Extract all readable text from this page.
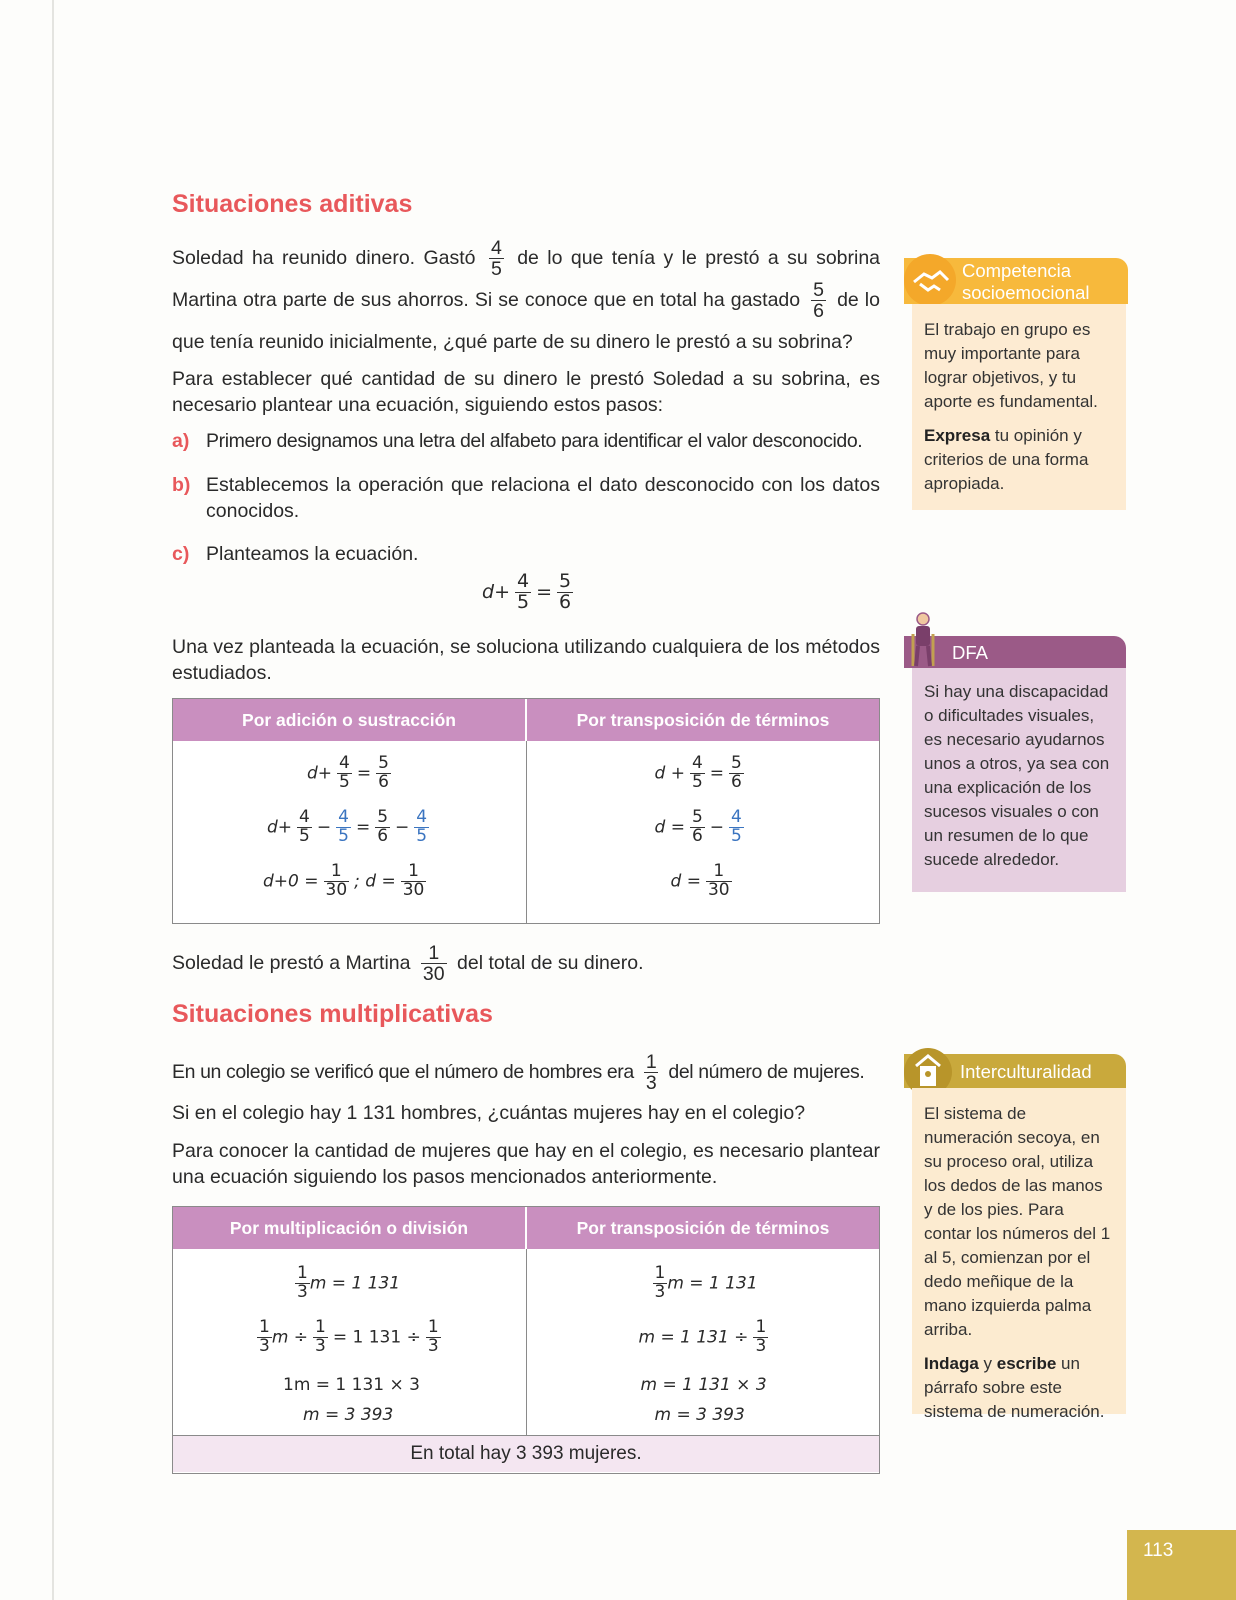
Situaciones aditivas

Soledad ha reunido dinero. Gastó $\frac{4}{5}$ de lo que tenía y le prestó a su sobrina Martina otra parte de sus ahorros. Si se conoce que en total ha gastado $\frac{5}{6}$ de lo que tenía reunido inicialmente, ¿qué parte de su dinero le prestó a su sobrina?

Para establecer qué cantidad de su dinero le prestó Soledad a su sobrina, es necesario plantear una ecuación, siguiendo estos pasos:

a) Primero designamos una letra del alfabeto para identificar el valor desconocido.
b) Establecemos la operación que relaciona el dato desconocido con los datos conocidos.
c) Planteamos la ecuación.
$d+ \frac{4}{5} = \frac{5}{6}$

Una vez planteada la ecuación, se soluciona utilizando cualquiera de los métodos estudiados.

Por adición o sustracción	Por transposición de términos
$d+ \frac{4}{5} = \frac{5}{6}$
$d+ \frac{4}{5} - \frac{4}{5} = \frac{5}{6} - \frac{4}{5}$
$d+0 = \frac{1}{30}$ ; $d = \frac{1}{30}$
$d + \frac{4}{5} = \frac{5}{6}$
$d = \frac{5}{6} - \frac{4}{5}$
$d = \frac{1}{30}$

Soledad le prestó a Martina $\frac{1}{30}$ del total de su dinero.

Situaciones multiplicativas

En un colegio se verificó que el número de hombres era $\frac{1}{3}$ del número de mujeres.

Si en el colegio hay 1 131 hombres, ¿cuántas mujeres hay en el colegio?

Para conocer la cantidad de mujeres que hay en el colegio, es necesario plantear una ecuación siguiendo los pasos mencionados anteriormente.

Por multiplicación o división	Por transposición de términos
$\frac{1}{3}$ m = 1 131
$\frac{1}{3}$ $m \div \frac{1}{3} = 1$ $131 \div \frac{1}{3}$
1m = 1 131 × 3
m = 3 393
$\frac{1}{3}$ m = 1 131
m = 1 $131 \div \frac{1}{3}$
m = 1 131 × 3
m = 3 393
En total hay 3 393 mujeres.
Competencia
socioemocional

El trabajo en grupo es muy importante para lograr objetivos, y tu aporte es fundamental.

Expresa tu opinión y criterios de una forma apropiada.

DFA

Si hay una discapacidad o dificultades visuales, es necesario ayudarnos unos a otros, ya sea con una explicación de los sucesos visuales o con un resumen de lo que sucede alrededor.

Interculturalidad

El sistema de numeración secoya, en su proceso oral, utiliza los dedos de las manos y de los pies. Para contar los números del 1 al 5, comienzan por el dedo meñique de la mano izquierda palma arriba.

Indaga y escribe un párrafo sobre este sistema de numeración.

113
